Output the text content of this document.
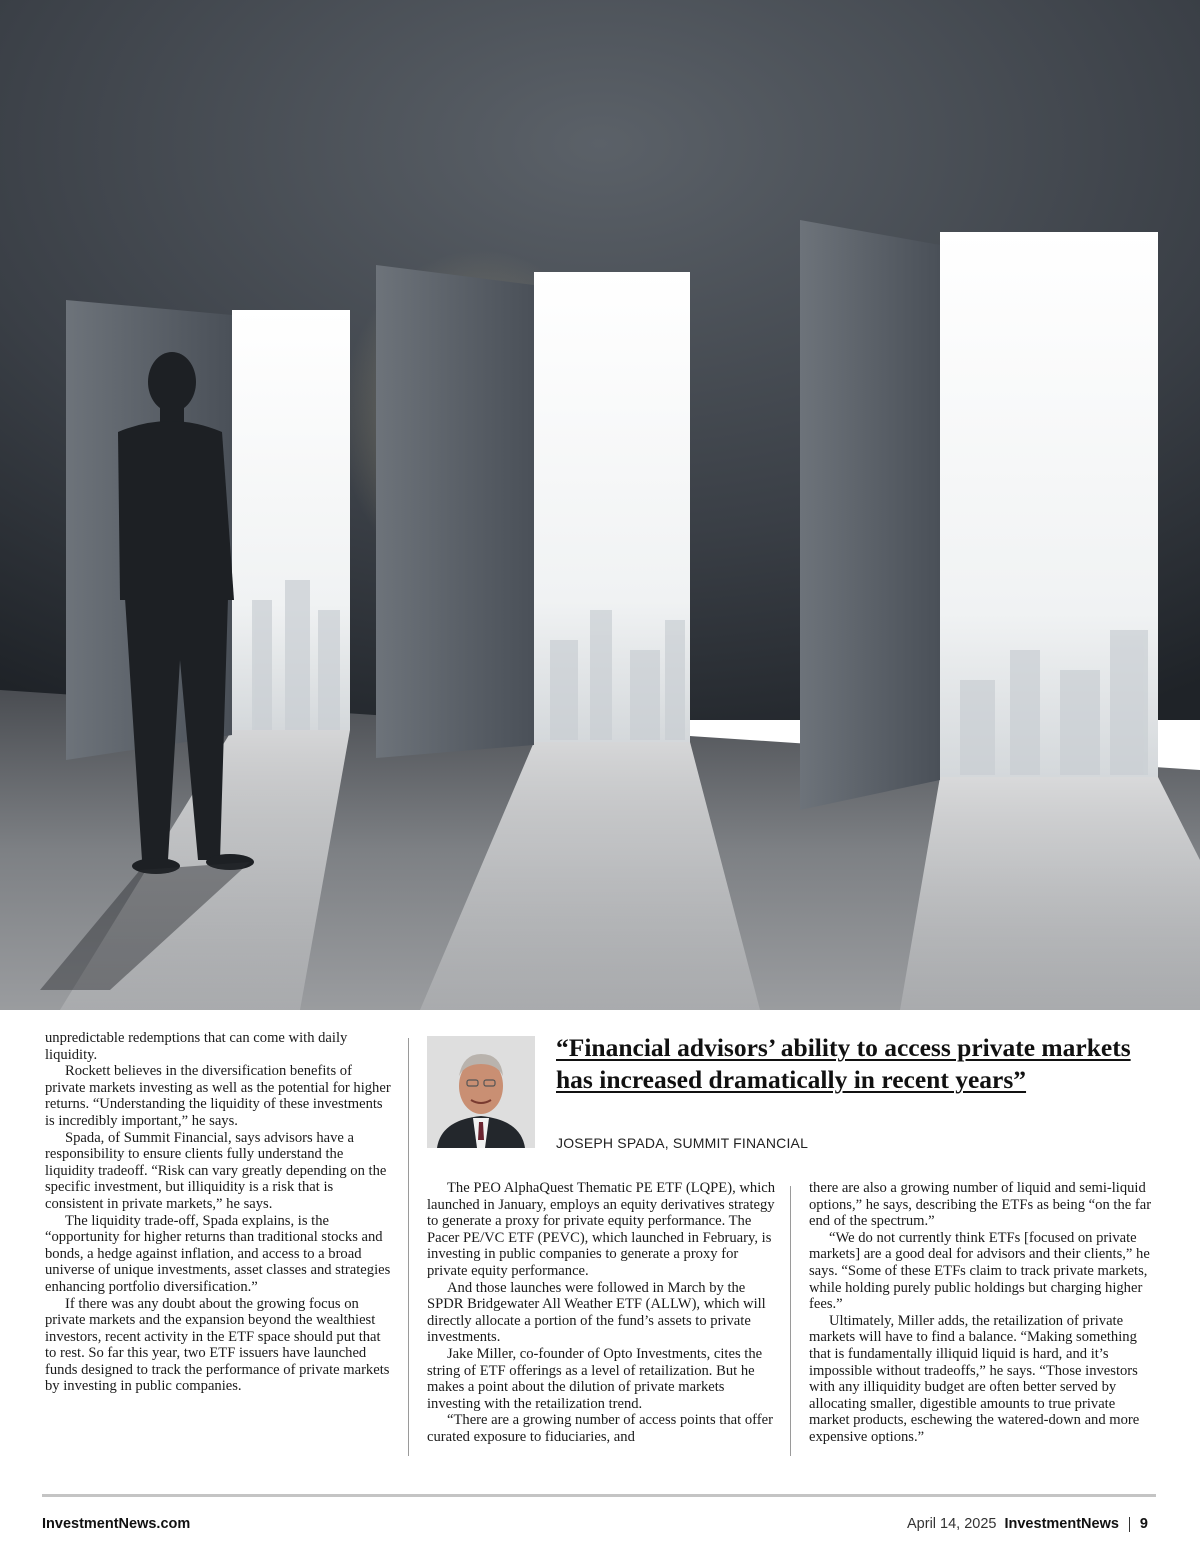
unpredictable redemptions that can come with daily liquidity.

Rockett believes in the diversification benefits of private markets investing as well as the potential for higher returns. “Understanding the liquidity of these investments is incredibly important,” he says.

Spada, of Summit Financial, says advisors have a responsibility to ensure clients fully understand the liquidity tradeoff. “Risk can vary greatly depending on the specific investment, but illiquidity is a risk that is consistent in private markets,” he says.

The liquidity trade-off, Spada explains, is the “opportunity for higher returns than traditional stocks and bonds, a hedge against inflation, and access to a broad universe of unique investments, asset classes and strategies enhancing portfolio diversification.”

If there was any doubt about the growing focus on private markets and the expansion beyond the wealthiest investors, recent activity in the ETF space should put that to rest. So far this year, two ETF issuers have launched funds designed to track the performance of private markets by investing in public companies.

“Financial advisors’ ability to access private markets has increased dramatically in recent years”
JOSEPH SPADA, SUMMIT FINANCIAL

The PEO AlphaQuest Thematic PE ETF (LQPE), which launched in January, employs an equity derivatives strategy to generate a proxy for private equity performance. The Pacer PE/VC ETF (PEVC), which launched in February, is investing in public companies to generate a proxy for private equity performance.

And those launches were followed in March by the SPDR Bridgewater All Weather ETF (ALLW), which will directly allocate a portion of the fund’s assets to private investments.

Jake Miller, co-founder of Opto Investments, cites the string of ETF offerings as a level of retailization. But he makes a point about the dilution of private markets investing with the retailization trend.

“There are a growing number of access points that offer curated exposure to fiduciaries, and

there are also a growing number of liquid and semi-liquid options,” he says, describing the ETFs as being “on the far end of the spectrum.”

“We do not currently think ETFs [focused on private markets] are a good deal for advisors and their clients,” he says. “Some of these ETFs claim to track private markets, while holding purely public holdings but charging higher fees.”

Ultimately, Miller adds, the retailization of private markets will have to find a balance. “Making something that is fundamentally illiquid liquid is hard, and it’s impossible without tradeoffs,” he says. “Those investors with any illiquidity budget are often better served by allocating smaller, digestible amounts to true private market products, eschewing the watered-down and more expensive options.”

InvestmentNews.com	April 14, 2025 InvestmentNews 9
